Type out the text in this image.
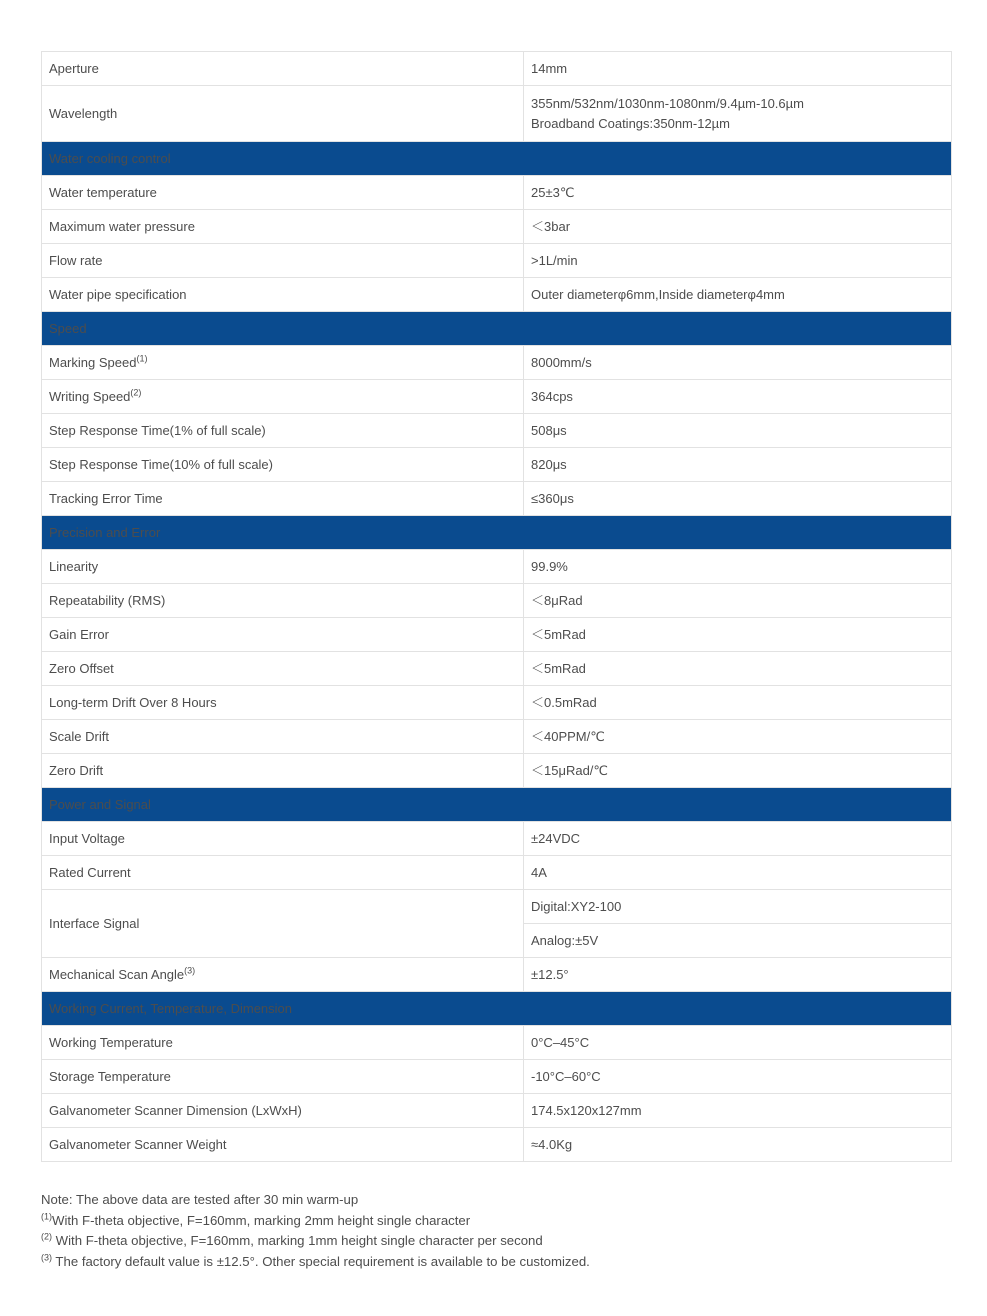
Aperture	14mm
Wavelength	355nm/532nm/1030nm-1080nm/9.4µm-10.6µm
Broadband Coatings:350nm-12µm

Water cooling control	
Water temperature	25±3℃
Maximum water pressure	＜3bar
Flow rate	>1L/min
Water pipe specification	Outer diameterφ6mm,Inside diameterφ4mm
Speed	
Marking Speed$^{(1)}$	8000mm/s
Writing Speed$^{(2)}$	364cps
Step Response Time(1% of full scale)	508μs
Step Response Time(10% of full scale)	820μs
Tracking Error Time	≤360μs
Precision and Error	
Linearity	99.9%
Repeatability (RMS)	＜8μRad
Gain Error	＜5mRad
Zero Offset	＜5mRad
Long-term Drift Over 8 Hours	＜0.5mRad
Scale Drift	＜40PPM/℃
Zero Drift	＜15μRad/℃
Power and Signal	
Input Voltage	±24VDC
Rated Current	4A
Interface Signal	Digital:XY2-100
	Analog:±5V
Mechanical Scan Angle$^{(3)}$	±12.5°
Working Current, Temperature, Dimension	
Working Temperature	0°C–45°C
Storage Temperature	-10°C–60°C
Galvanometer Scanner Dimension (LxWxH)	174.5x120x127mm
Galvanometer Scanner Weight	≈4.0Kg
Note: The above data are tested after 30 min warm-up
$^{(1)}$With F-theta objective, F=160mm, marking 2mm height single character
$^{(2)}$ With F-theta objective, F=160mm, marking 1mm height single character per second
$^{(3)}$ The factory default value is ±12.5°. Other special requirement is available to be customized.
